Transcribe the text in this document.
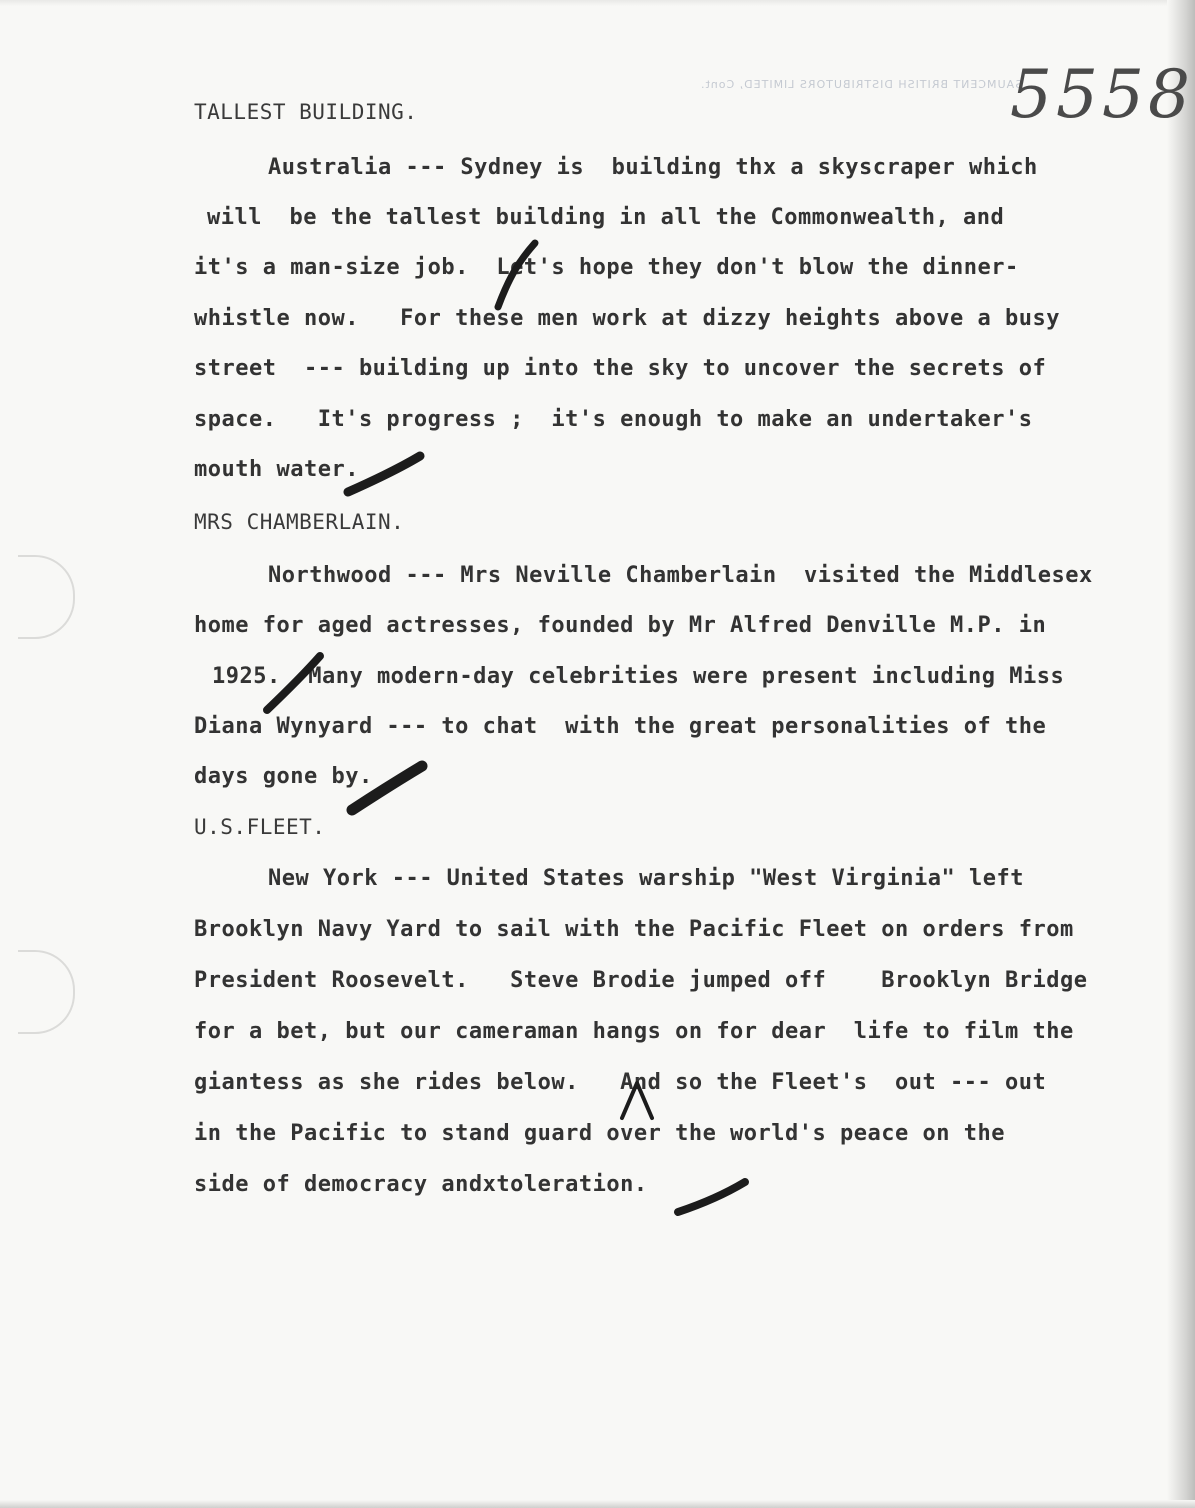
SAUMCENT BRITISH DISTRIBUTORS LIMITED, Cont.
5558
TALLEST BUILDING.
Australia --- Sydney is  building thx a skyscraper which
will  be the tallest building in all the Commonwealth, and
it's a man-size job.  Let's hope they don't blow the dinner-
whistle now.   For these men work at dizzy heights above a busy
street  --- building up into the sky to uncover the secrets of
space.   It's progress ;  it's enough to make an undertaker's
mouth water.
MRS CHAMBERLAIN.
Northwood --- Mrs Neville Chamberlain  visited the Middlesex
home for aged actresses, founded by Mr Alfred Denville M.P. in
1925.  Many modern-day celebrities were present including Miss
Diana Wynyard --- to chat  with the great personalities of the
days gone by.
U.S.FLEET.
New York --- United States warship "West Virginia" left
Brooklyn Navy Yard to sail with the Pacific Fleet on orders from
President Roosevelt.   Steve Brodie jumped off    Brooklyn Bridge
for a bet, but our cameraman hangs on for dear  life to film the
giantess as she rides below.   And so the Fleet's  out --- out
in the Pacific to stand guard over the world's peace on the
side of democracy andxtoleration.
